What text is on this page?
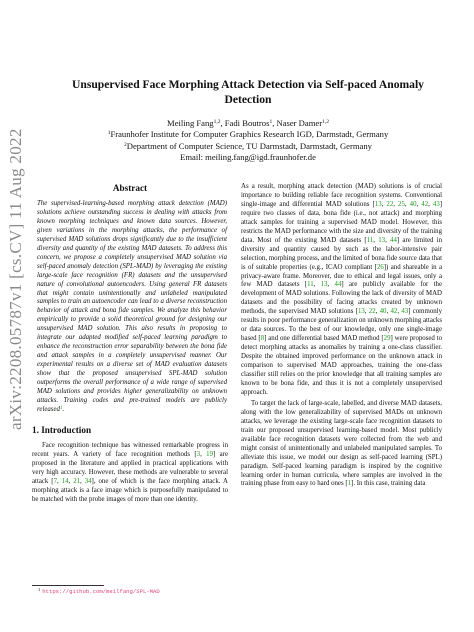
arXiv:2208.05787v1 [cs.CV] 11 Aug 2022
Unsupervised Face Morphing Attack Detection via Self-paced Anomaly
Detection
Meiling Fang$^{1,2}$, Fadi Boutros$^1$, Naser Damer$^{1,2}$
$^1$Fraunhofer Institute for Computer Graphics Research IGD, Darmstadt, Germany
$^2$Department of Computer Science, TU Darmstadt, Darmstadt, Germany
Email: meiling.fang@igd.fraunhofer.de
Abstract

The supervised-learning-based morphing attack detection (MAD) solutions achieve outstanding success in dealing with attacks from known morphing techniques and known data sources. However, given variations in the morphing attacks, the performance of supervised MAD solutions drops significantly due to the insufficient diversity and quantity of the existing MAD datasets. To address this concern, we propose a completely unsupervised MAD solution via self-paced anomaly detection (SPL-MAD) by leveraging the existing large-scale face recognition (FR) datasets and the unsupervised nature of convolutional autoencoders. Using general FR datasets that might contain unintentionally and unlabeled manipulated samples to train an autoencoder can lead to a diverse reconstruction behavior of attack and bona fide samples. We analyze this behavior empirically to provide a solid theoretical ground for designing our unsupervised MAD solution. This also results in proposing to integrate our adapted modified self-paced learning paradigm to enhance the reconstruction error separability between the bona fide and attack samples in a completely unsupervised manner. Our experimental results on a diverse set of MAD evaluation datasets show that the proposed unsupervised SPL-MAD solution outperforms the overall performance of a wide range of supervised MAD solutions and provides higher generalizability on unknown attacks. Training codes and pre-trained models are publicly released$^1$.

1. Introduction

Face recognition technique has witnessed remarkable progress in recent years. A variety of face recognition methods [3, 19] are proposed in the literature and applied in practical applications with very high accuracy. However, these methods are vulnerable to several attack [7, 14, 21, 34], one of which is the face morphing attack. A morphing attack is a face image which is purposefully manipulated to be matched with the probe images of more than one identity.

$^1$ https://github.com/meilfang/SPL-MAD

As a result, morphing attack detection (MAD) solutions is of crucial importance to building reliable face recognition systems. Conventional single-image and differential MAD solutions [13, 22, 25, 40, 42, 43] require two classes of data, bona fide (i.e., not attack) and morphing attack samples for training a supervised MAD model. However, this restricts the MAD performance with the size and diversity of the training data. Most of the existing MAD datasets [11, 13, 44] are limited in diversity and quantity caused by such as the labor-intensive pair selection, morphing process, and the limited of bona fide source data that is of suitable properties (e.g., ICAO compliant [26]) and shareable in a privacy-aware frame. Moreover, due to ethical and legal issues, only a few MAD datasets [11, 13, 44] are publicly available for the development of MAD solutions. Following the lack of diversity of MAD datasets and the possibility of facing attacks created by unknown methods, the supervised MAD solutions [13, 22, 40, 42, 43] commonly results in poor performance generalization on unknown morphing attacks or data sources. To the best of our knowledge, only one single-image based [8] and one differential based MAD method [29] were proposed to detect morphing attacks as anomalies by training a one-class classifier. Despite the obtained improved performance on the unknown attack in comparison to supervised MAD approaches, training the one-class classifier still relies on the prior knowledge that all training samples are known to be bona fide, and thus it is not a completely unsupervised approach.

To target the lack of large-scale, labelled, and diverse MAD datasets, along with the low generalizability of supervised MADs on unknown attacks, we leverage the existing large-scale face recognition datasets to train our proposed unsupervised learning-based model. Most publicly available face recognition datasets were collected from the web and might consist of unintentionally and unlabeled manipulated samples. To alleviate this issue, we model our design as self-paced learning (SPL) paradigm. Self-paced learning paradigm is inspired by the cognitive learning order in human curricula, where samples are involved in the training phase from easy to hard ones [1]. In this case, training data
